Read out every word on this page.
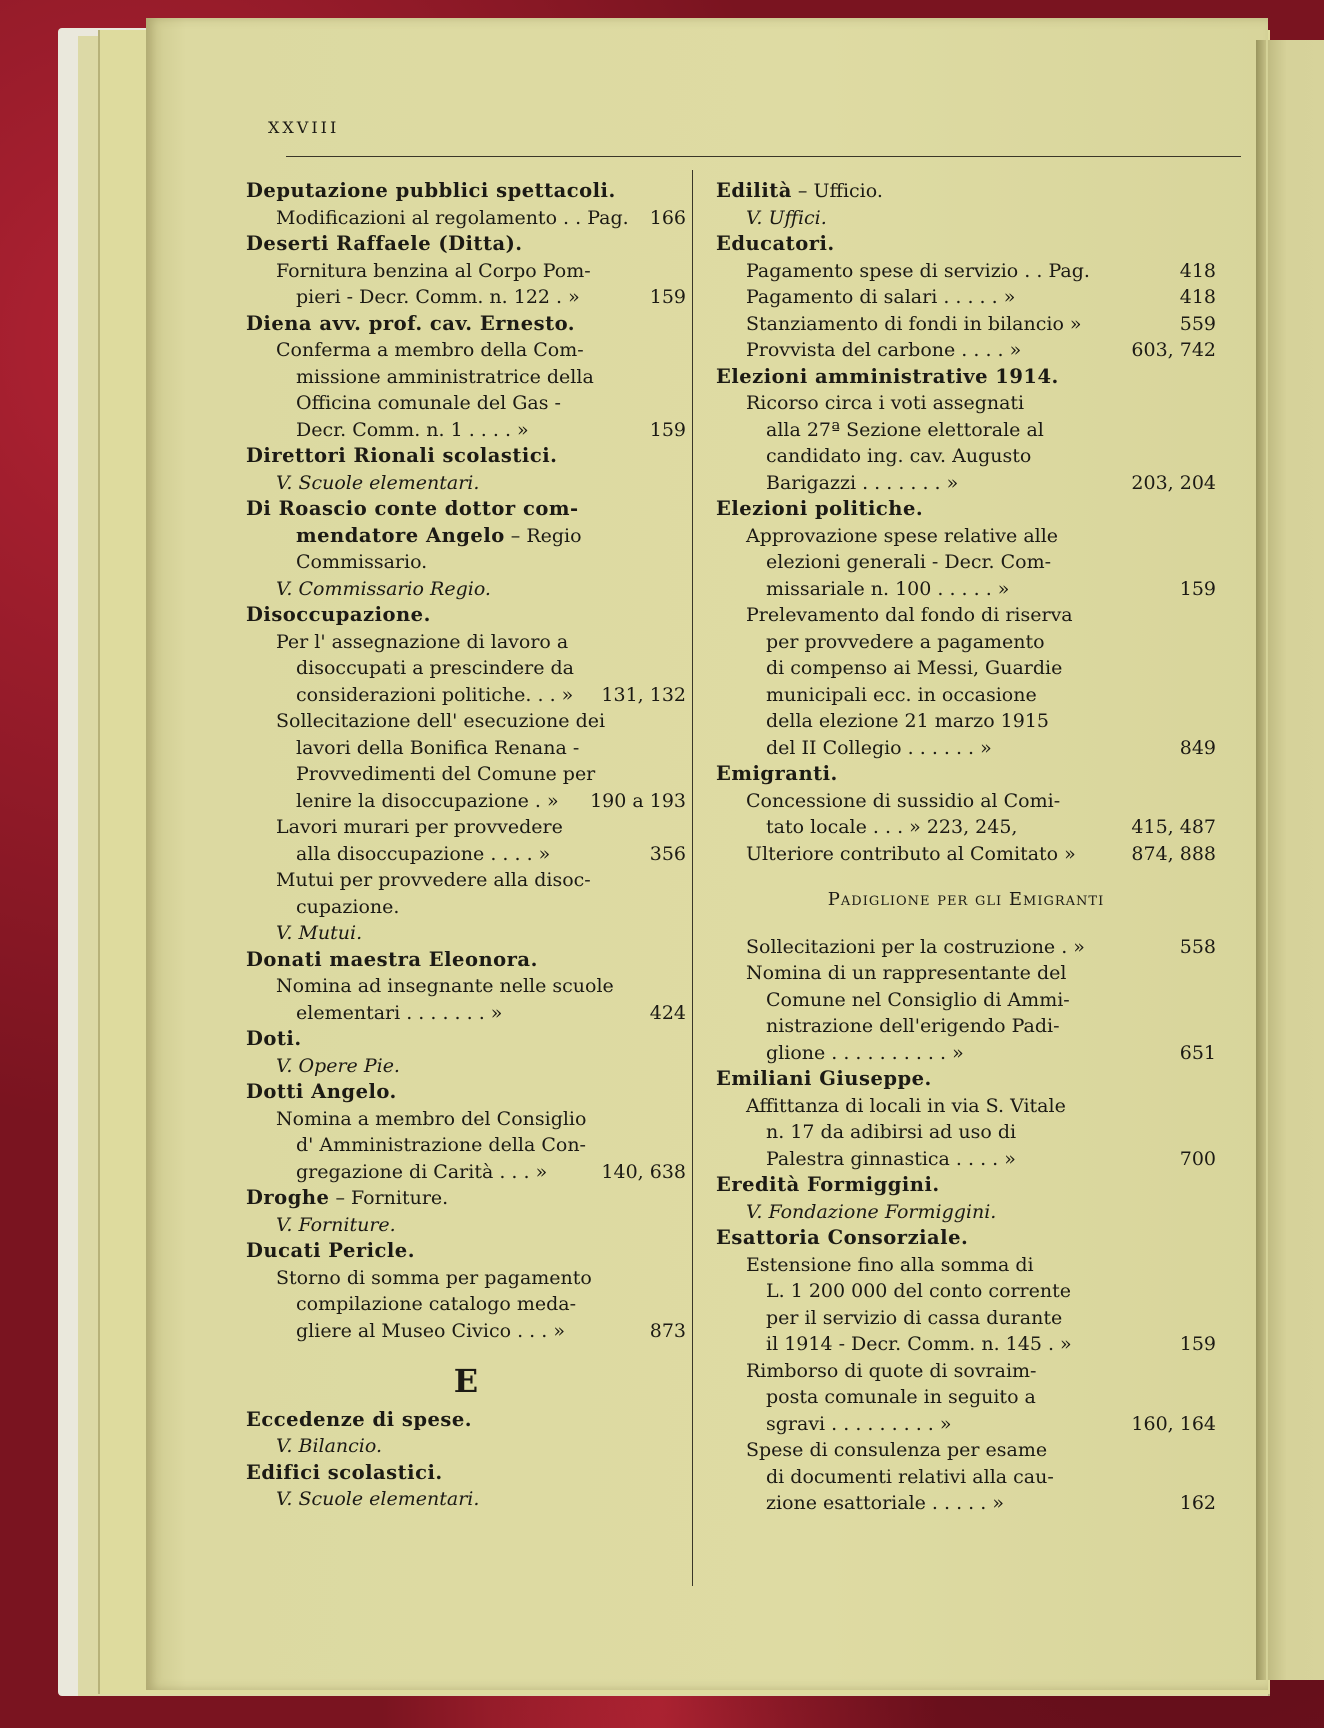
XXVIII
Deputazione pubblici spettacoli.
Modificazioni al regolamento . . Pag.	166
Deserti Raffaele (Ditta).
Fornitura benzina al Corpo Pom-
pieri - Decr. Comm. n. 122 . »	159
Diena avv. prof. cav. Ernesto.
Conferma a membro della Com-
missione amministratrice della
Officina comunale del Gas -
Decr. Comm. n. 1 . . . . »	159
Direttori Rionali scolastici.
V. Scuole elementari.
Di Roascio conte dottor com-
mendatore Angelo – Regio
Commissario.
V. Commissario Regio.
Disoccupazione.
Per l' assegnazione di lavoro a
disoccupati a prescindere da
considerazioni politiche. . . »	131, 132
Sollecitazione dell' esecuzione dei
lavori della Bonifica Renana -
Provvedimenti del Comune per
lenire la disoccupazione . »	190 a 193
Lavori murari per provvedere
alla disoccupazione . . . . »	356
Mutui per provvedere alla disoc-
cupazione.
V. Mutui.
Donati maestra Eleonora.
Nomina ad insegnante nelle scuole
elementari . . . . . . . »	424
Doti.
V. Opere Pie.
Dotti Angelo.
Nomina a membro del Consiglio
d' Amministrazione della Con-
gregazione di Carità . . . »	140, 638
Droghe – Forniture.
V. Forniture.
Ducati Pericle.
Storno di somma per pagamento
compilazione catalogo meda-
gliere al Museo Civico . . . »	873
E
Eccedenze di spese.
V. Bilancio.
Edifici scolastici.
V. Scuole elementari.
Edilità – Ufficio.
V. Uffici.
Educatori.
Pagamento spese di servizio . . Pag.	418
Pagamento di salari . . . . . »	418
Stanziamento di fondi in bilancio »	559
Provvista del carbone . . . . »	603, 742
Elezioni amministrative 1914.
Ricorso circa i voti assegnati
alla 27ª Sezione elettorale al
candidato ing. cav. Augusto
Barigazzi . . . . . . . »	203, 204
Elezioni politiche.
Approvazione spese relative alle
elezioni generali - Decr. Com-
missariale n. 100 . . . . . »	159
Prelevamento dal fondo di riserva
per provvedere a pagamento
di compenso ai Messi, Guardie
municipali ecc. in occasione
della elezione 21 marzo 1915
del II Collegio . . . . . . »	849
Emigranti.
Concessione di sussidio al Comi-
tato locale . . . » 223, 245,	415, 487
Ulteriore contributo al Comitato »	874, 888
Padiglione per gli Emigranti
Sollecitazioni per la costruzione . »	558
Nomina di un rappresentante del
Comune nel Consiglio di Ammi-
nistrazione dell'erigendo Padi-
glione . . . . . . . . . . »	651
Emiliani Giuseppe.
Affittanza di locali in via S. Vitale
n. 17 da adibirsi ad uso di
Palestra ginnastica . . . . »	700
Eredità Formiggini.
V. Fondazione Formiggini.
Esattoria Consorziale.
Estensione fino alla somma di
L. 1 200 000 del conto corrente
per il servizio di cassa durante
il 1914 - Decr. Comm. n. 145 . »	159
Rimborso di quote di sovraim-
posta comunale in seguito a
sgravi . . . . . . . . . »	160, 164
Spese di consulenza per esame
di documenti relativi alla cau-
zione esattoriale . . . . . »	162
